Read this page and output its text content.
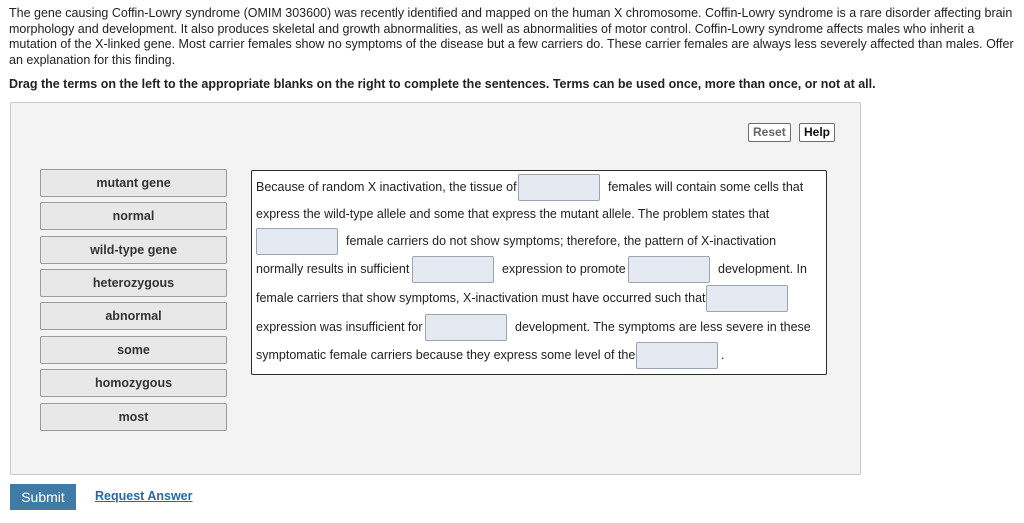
The gene causing Coffin-Lowry syndrome (OMIM 303600) was recently identified and mapped on the human X chromosome. Coffin-Lowry syndrome is a rare disorder affecting brain morphology and development. It also produces skeletal and growth abnormalities, as well as abnormalities of motor control. Coffin-Lowry syndrome affects males who inherit a mutation of the X-linked gene. Most carrier females show no symptoms of the disease but a few carriers do. These carrier females are always less severely affected than males. Offer an explanation for this finding.
Drag the terms on the left to the appropriate blanks on the right to complete the sentences. Terms can be used once, more than once, or not at all.
Reset	Help
mutant gene
normal
wild-type gene
heterozygous
abnormal
some
homozygous
most
Because of random X inactivation, the tissue of	females will contain some cells that
express the wild-type allele and some that express the mutant allele. The problem states that
female carriers do not show symptoms; therefore, the pattern of X-inactivation
normally results in sufficient	expression to promote	development. In
female carriers that show symptoms, X-inactivation must have occurred such that
expression was insufficient for	development. The symptoms are less severe in these
symptomatic female carriers because they express some level of the	.
Submit	Request Answer
